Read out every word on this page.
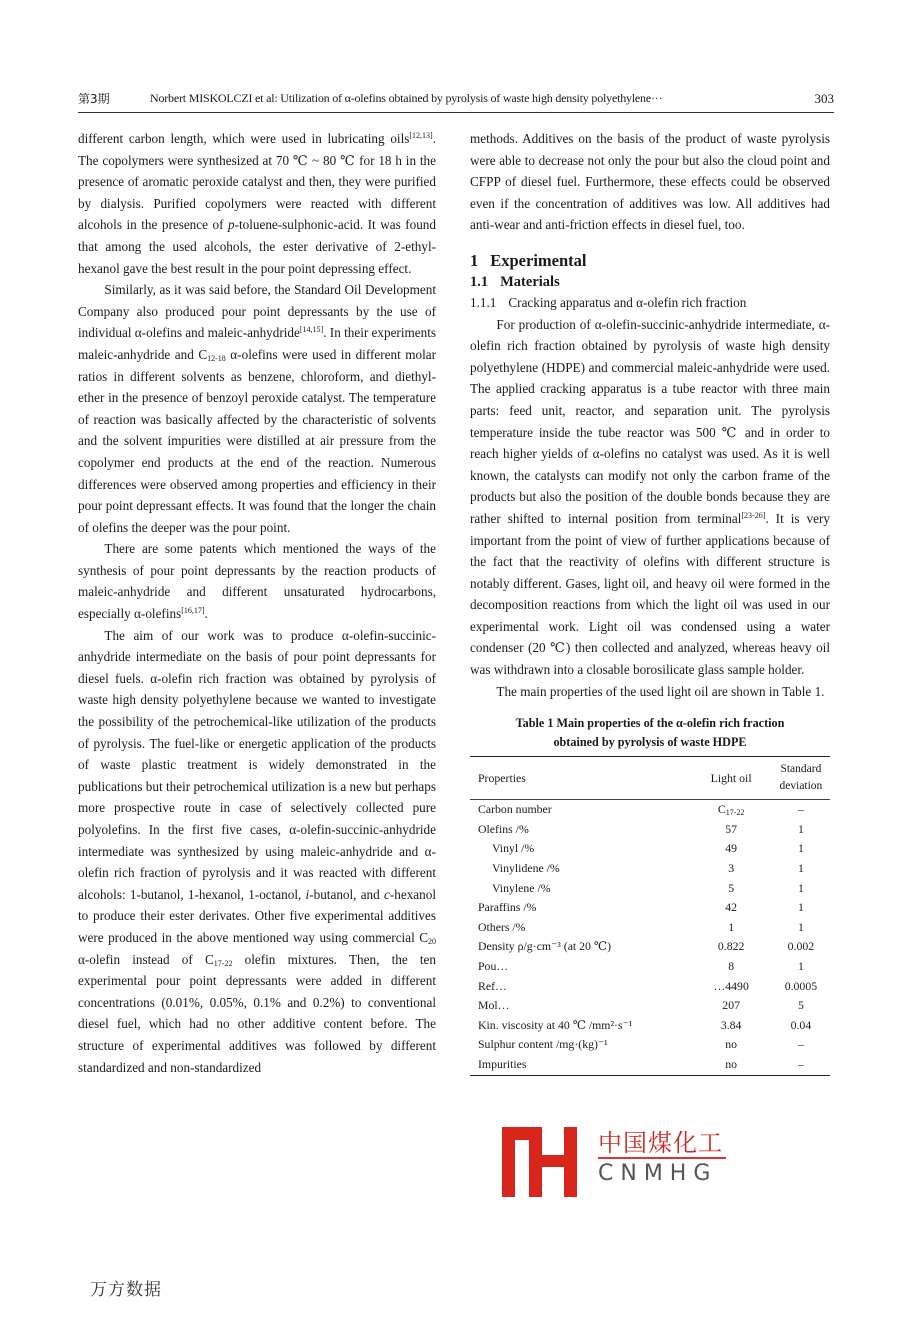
第3期	Norbert MISKOLCZI et al: Utilization of α-olefins obtained by pyrolysis of waste high density polyethylene···	303

different carbon length, which were used in lubricating oils[12,13]. The copolymers were synthesized at 70 ℃ ~ 80 ℃ for 18 h in the presence of aromatic peroxide catalyst and then, they were purified by dialysis. Purified copolymers were reacted with different alcohols in the presence of p-toluene-sulphonic-acid. It was found that among the used alcohols, the ester derivative of 2-ethyl-hexanol gave the best result in the pour point depressing effect.

Similarly, as it was said before, the Standard Oil Development Company also produced pour point depressants by the use of individual α-olefins and maleic-anhydride[14,15]. In their experiments maleic-anhydride and $C_{12-18}$ α-olefins were used in different molar ratios in different solvents as benzene, chloroform, and diethyl-ether in the presence of benzoyl peroxide catalyst. The temperature of reaction was basically affected by the characteristic of solvents and the solvent impurities were distilled at air pressure from the copolymer end products at the end of the reaction. Numerous differences were observed among properties and efficiency in their pour point depressant effects. It was found that the longer the chain of olefins the deeper was the pour point.

There are some patents which mentioned the ways of the synthesis of pour point depressants by the reaction products of maleic-anhydride and different unsaturated hydrocarbons, especially α-olefins[16,17].

The aim of our work was to produce α-olefin-succinic-anhydride intermediate on the basis of pour point depressants for diesel fuels. α-olefin rich fraction was obtained by pyrolysis of waste high density polyethylene because we wanted to investigate the possibility of the petrochemical-like utilization of the products of pyrolysis. The fuel-like or energetic application of the products of waste plastic treatment is widely demonstrated in the publications but their petrochemical utilization is a new but perhaps more prospective route in case of selectively collected pure polyolefins. In the first five cases, α-olefin-succinic-anhydride intermediate was synthesized by using maleic-anhydride and α-olefin rich fraction of pyrolysis and it was reacted with different alcohols: 1-butanol, 1-hexanol, 1-octanol, i-butanol, and c-hexanol to produce their ester derivates. Other five experimental additives were produced in the above mentioned way using commercial $C_{20}$ α-olefin instead of $C_{17-22}$ olefin mixtures. Then, the ten experimental pour point depressants were added in different concentrations (0.01%, 0.05%, 0.1% and 0.2%) to conventional diesel fuel, which had no other additive content before. The structure of experimental additives was followed by different standardized and non-standardized

methods. Additives on the basis of the product of waste pyrolysis were able to decrease not only the pour but also the cloud point and CFPP of diesel fuel. Furthermore, these effects could be observed even if the concentration of additives was low. All additives had anti-wear and anti-friction effects in diesel fuel, too.

1 Experimental
1.1 Materials
1.1.1 Cracking apparatus and α-olefin rich fraction

For production of α-olefin-succinic-anhydride intermediate, α-olefin rich fraction obtained by pyrolysis of waste high density polyethylene (HDPE) and commercial maleic-anhydride were used. The applied cracking apparatus is a tube reactor with three main parts: feed unit, reactor, and separation unit. The pyrolysis temperature inside the tube reactor was 500 ℃ and in order to reach higher yields of α-olefins no catalyst was used. As it is well known, the catalysts can modify not only the carbon frame of the products but also the position of the double bonds because they are rather shifted to internal position from terminal[23-26]. It is very important from the point of view of further applications because of the fact that the reactivity of olefins with different structure is notably different. Gases, light oil, and heavy oil were formed in the decomposition reactions from which the light oil was used in our experimental work. Light oil was condensed using a water condenser (20 ℃) then collected and analyzed, whereas heavy oil was withdrawn into a closable borosilicate glass sample holder.

The main properties of the used light oil are shown in Table 1.

Table 1 Main properties of the α-olefin rich fraction
obtained by pyrolysis of waste HDPE
Properties	Light oil	Standard deviation
Carbon number	$C_{17-22}$	–
Olefins /%	57	1
Vinyl /%	49	1
Vinylidene /%	3	1
Vinylene /%	5	1
Paraffins /%	42	1
Others /%	1	1
Density ρ/g·cm⁻³ (at 20 ℃)	0.822	0.002
Pou…	8	1
Ref…	…4490	0.0005
Mol…	207	5
Kin. viscosity at 40 ℃ /mm²·s⁻¹	3.84	0.04
Sulphur content /mg·(kg)⁻¹	no	–
Impurities	no	–
中国煤化工
CNMHG
万方数据
